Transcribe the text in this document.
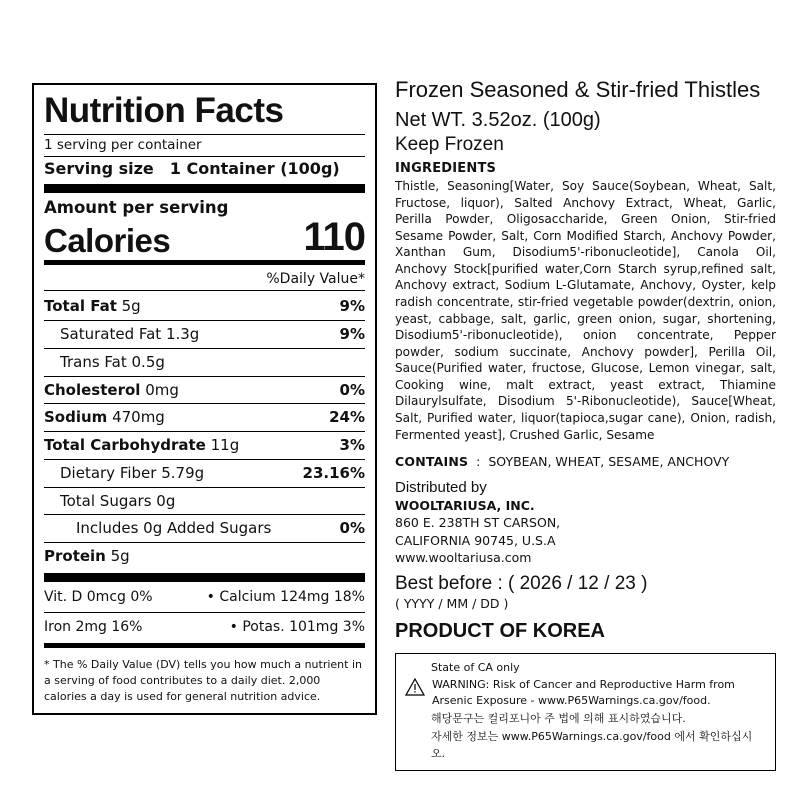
Nutrition Facts
1 serving per container
Serving size 1 Container (100g)
Amount per serving
Calories	110
%Daily Value*
Total Fat 5g	9%
Saturated Fat 1.3g	9%
Trans Fat 0.5g
Cholesterol 0mg	0%
Sodium 470mg	24%
Total Carbohydrate 11g	3%
Dietary Fiber 5.79g	23.16%
Total Sugars 0g
Includes 0g Added Sugars	0%
Protein 5g
Vit. D 0mcg 0%	• Calcium 124mg 18%
Iron 2mg 16%	• Potas. 101mg 3%
* The % Daily Value (DV) tells you how much a nutrient in a serving of food contributes to a daily diet. 2,000 calories a day is used for general nutrition advice.
Frozen Seasoned & Stir-fried Thistles
Net WT. 3.52oz. (100g)
Keep Frozen
INGREDIENTS
Thistle, Seasoning[Water, Soy Sauce(Soybean, Wheat, Salt, Fructose, liquor), Salted Anchovy Extract, Wheat, Garlic, Perilla Powder, Oligosaccharide, Green Onion, Stir-fried Sesame Powder, Salt, Corn Modified Starch, Anchovy Powder, Xanthan Gum, Disodium5'-ribonucleotide], Canola Oil, Anchovy Stock[purified water,Corn Starch syrup,refined salt, Anchovy extract, Sodium L-Glutamate, Anchovy, Oyster, kelp radish concentrate, stir-fried vegetable powder(dextrin, onion, yeast, cabbage, salt, garlic, green onion, sugar, shortening, Disodium5'-ribonucleotide), onion concentrate, Pepper powder, sodium succinate, Anchovy powder], Perilla Oil, Sauce(Purified water, fructose, Glucose, Lemon vinegar, salt, Cooking wine, malt extract, yeast extract, Thiamine Dilaurylsulfate, Disodium 5'-Ribonucleotide), Sauce[Wheat, Salt, Purified water, liquor(tapioca,sugar cane), Onion, radish, Fermented yeast], Crushed Garlic, Sesame
CONTAINS  :  SOYBEAN, WHEAT, SESAME, ANCHOVY
Distributed by
WOOLTARIUSA, INC.
860 E. 238TH ST CARSON,
CALIFORNIA 90745, U.S.A
www.wooltariusa.com
Best before : ( 2026 / 12 / 23 )
( YYYY / MM / DD )
PRODUCT OF KOREA
State of CA only
WARNING: Risk of Cancer and Reproductive Harm from Arsenic Exposure - www.P65Warnings.ca.gov/food.
해당문구는 컬리포니아 주 법에 의해 표시하였습니다.
자세한 정보는 www.P65Warnings.ca.gov/food 에서 확인하십시오.
